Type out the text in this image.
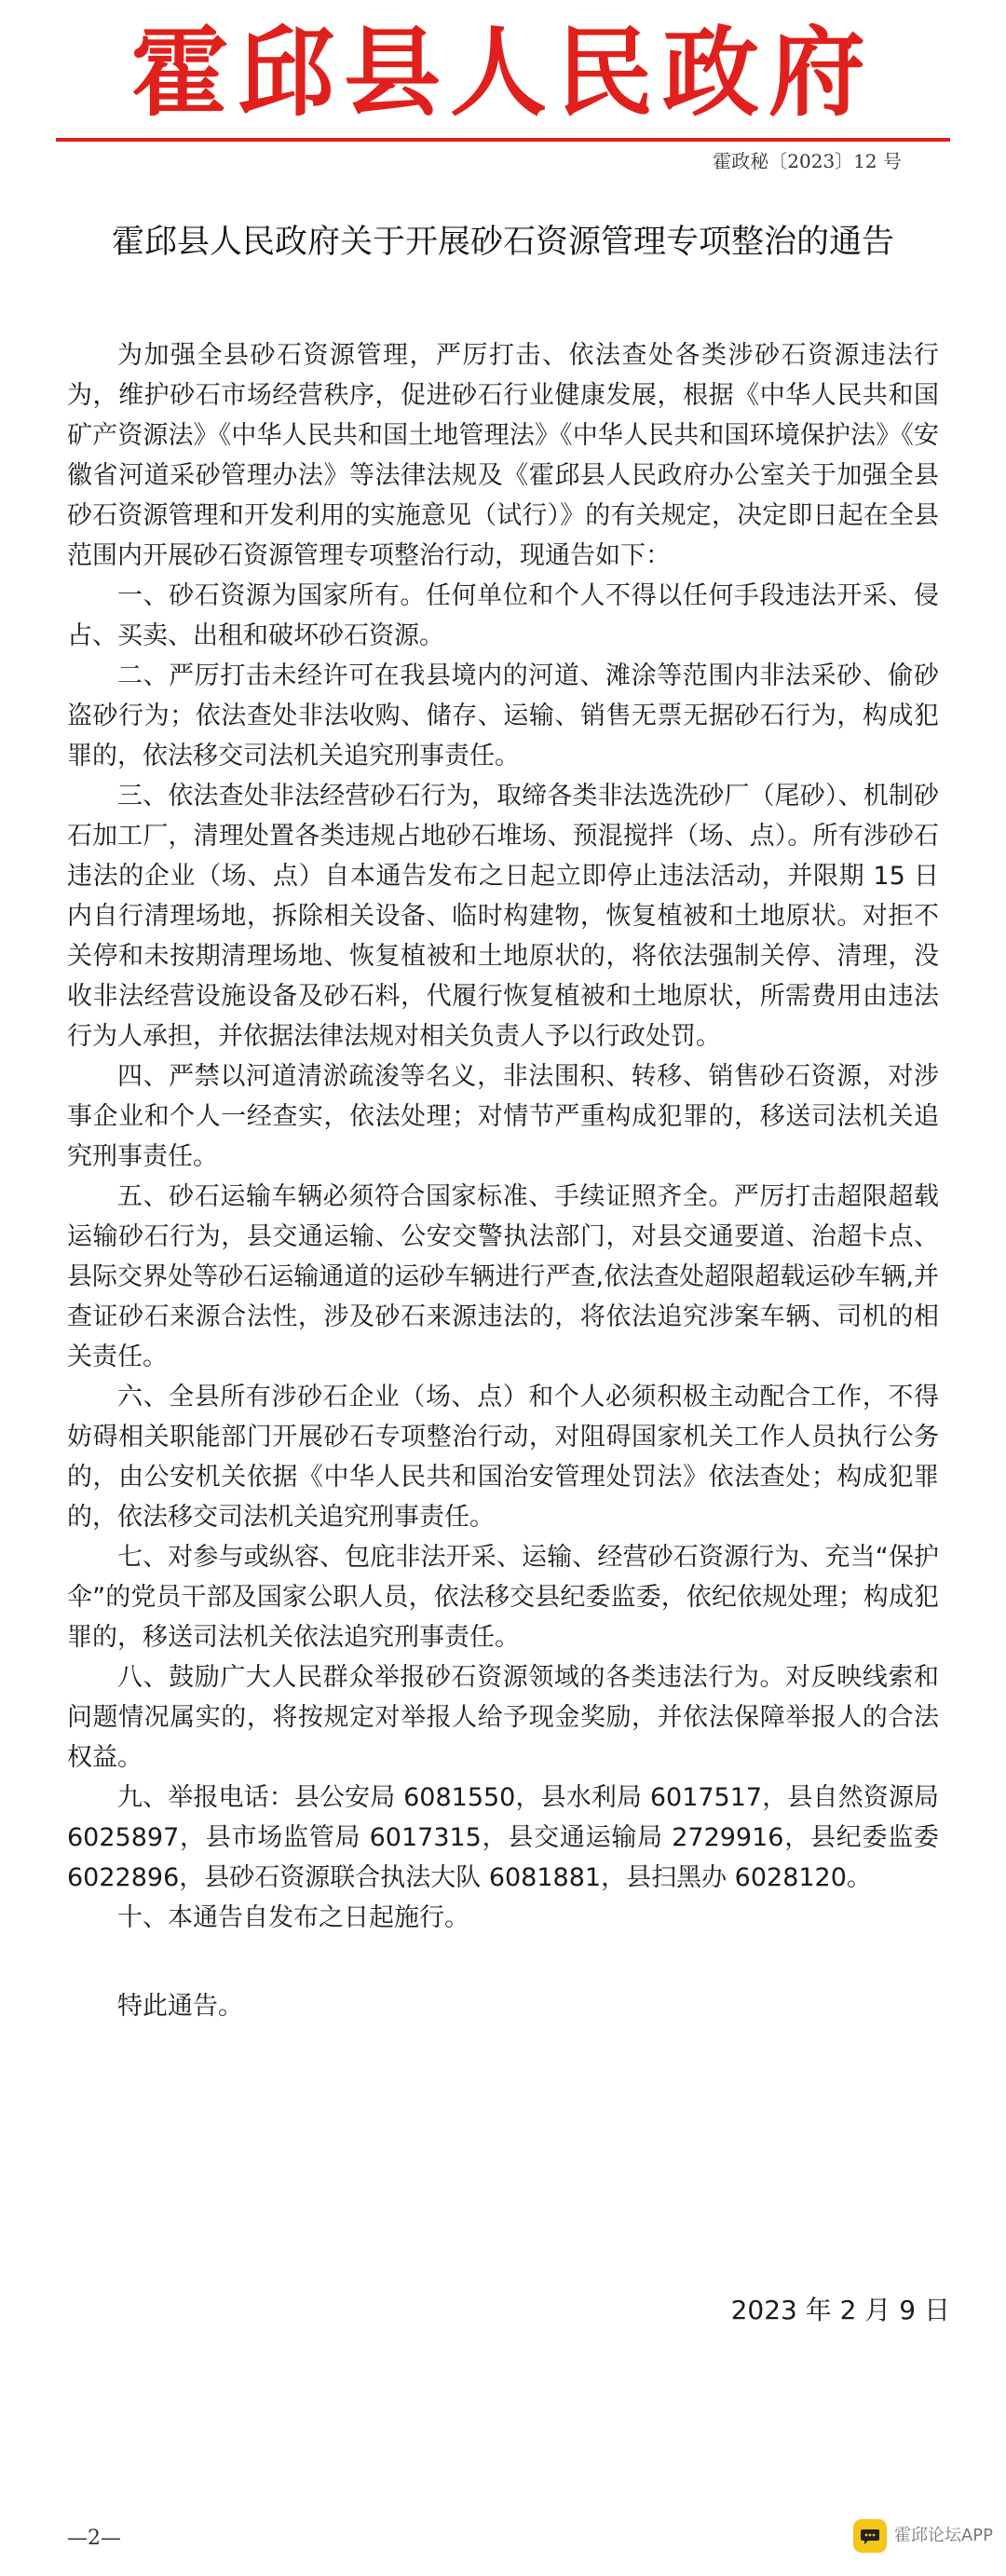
霍邱县人民政府
霍政秘〔2023〕12 号
霍邱县人民政府关于开展砂石资源管理专项整治的通告

为加强全县砂石资源管理，严厉打击、依法查处各类涉砂石资源违法行为，维护砂石市场经营秩序，促进砂石行业健康发展，根据《中华人民共和国矿产资源法》《中华人民共和国土地管理法》《中华人民共和国环境保护法》《安徽省河道采砂管理办法》等法律法规及《霍邱县人民政府办公室关于加强全县砂石资源管理和开发利用的实施意见（试行）》的有关规定，决定即日起在全县范围内开展砂石资源管理专项整治行动，现通告如下：

一、砂石资源为国家所有。任何单位和个人不得以任何手段违法开采、侵占、买卖、出租和破坏砂石资源。

二、严厉打击未经许可在我县境内的河道、滩涂等范围内非法采砂、偷砂盗砂行为；依法查处非法收购、储存、运输、销售无票无据砂石行为，构成犯罪的，依法移交司法机关追究刑事责任。

三、依法查处非法经营砂石行为，取缔各类非法选洗砂厂（尾砂）、机制砂石加工厂，清理处置各类违规占地砂石堆场、预混搅拌（场、点）。所有涉砂石违法的企业（场、点）自本通告发布之日起立即停止违法活动，并限期 15 日内自行清理场地，拆除相关设备、临时构建物，恢复植被和土地原状。对拒不关停和未按期清理场地、恢复植被和土地原状的，将依法强制关停、清理，没收非法经营设施设备及砂石料，代履行恢复植被和土地原状，所需费用由违法行为人承担，并依据法律法规对相关负责人予以行政处罚。

四、严禁以河道清淤疏浚等名义，非法围积、转移、销售砂石资源，对涉事企业和个人一经查实，依法处理；对情节严重构成犯罪的，移送司法机关追究刑事责任。

五、砂石运输车辆必须符合国家标准、手续证照齐全。严厉打击超限超载运输砂石行为，县交通运输、公安交警执法部门，对县交通要道、治超卡点、县际交界处等砂石运输通道的运砂车辆进行严查,依法查处超限超载运砂车辆,并查证砂石来源合法性，涉及砂石来源违法的，将依法追究涉案车辆、司机的相关责任。

六、全县所有涉砂石企业（场、点）和个人必须积极主动配合工作，不得妨碍相关职能部门开展砂石专项整治行动，对阻碍国家机关工作人员执行公务的，由公安机关依据《中华人民共和国治安管理处罚法》依法查处；构成犯罪的，依法移交司法机关追究刑事责任。

七、对参与或纵容、包庇非法开采、运输、经营砂石资源行为、充当“保护伞”的党员干部及国家公职人员，依法移交县纪委监委，依纪依规处理；构成犯罪的，移送司法机关依法追究刑事责任。

八、鼓励广大人民群众举报砂石资源领域的各类违法行为。对反映线索和问题情况属实的，将按规定对举报人给予现金奖励，并依法保障举报人的合法权益。

九、举报电话：县公安局 6081550，县水利局 6017517，县自然资源局 6025897，县市场监管局 6017315，县交通运输局 2729916，县纪委监委 6022896，县砂石资源联合执法大队 6081881，县扫黑办 6028120。

十、本通告自发布之日起施行。

特此通告。

2023 年 2 月 9 日
—2—	霍邱论坛APP
